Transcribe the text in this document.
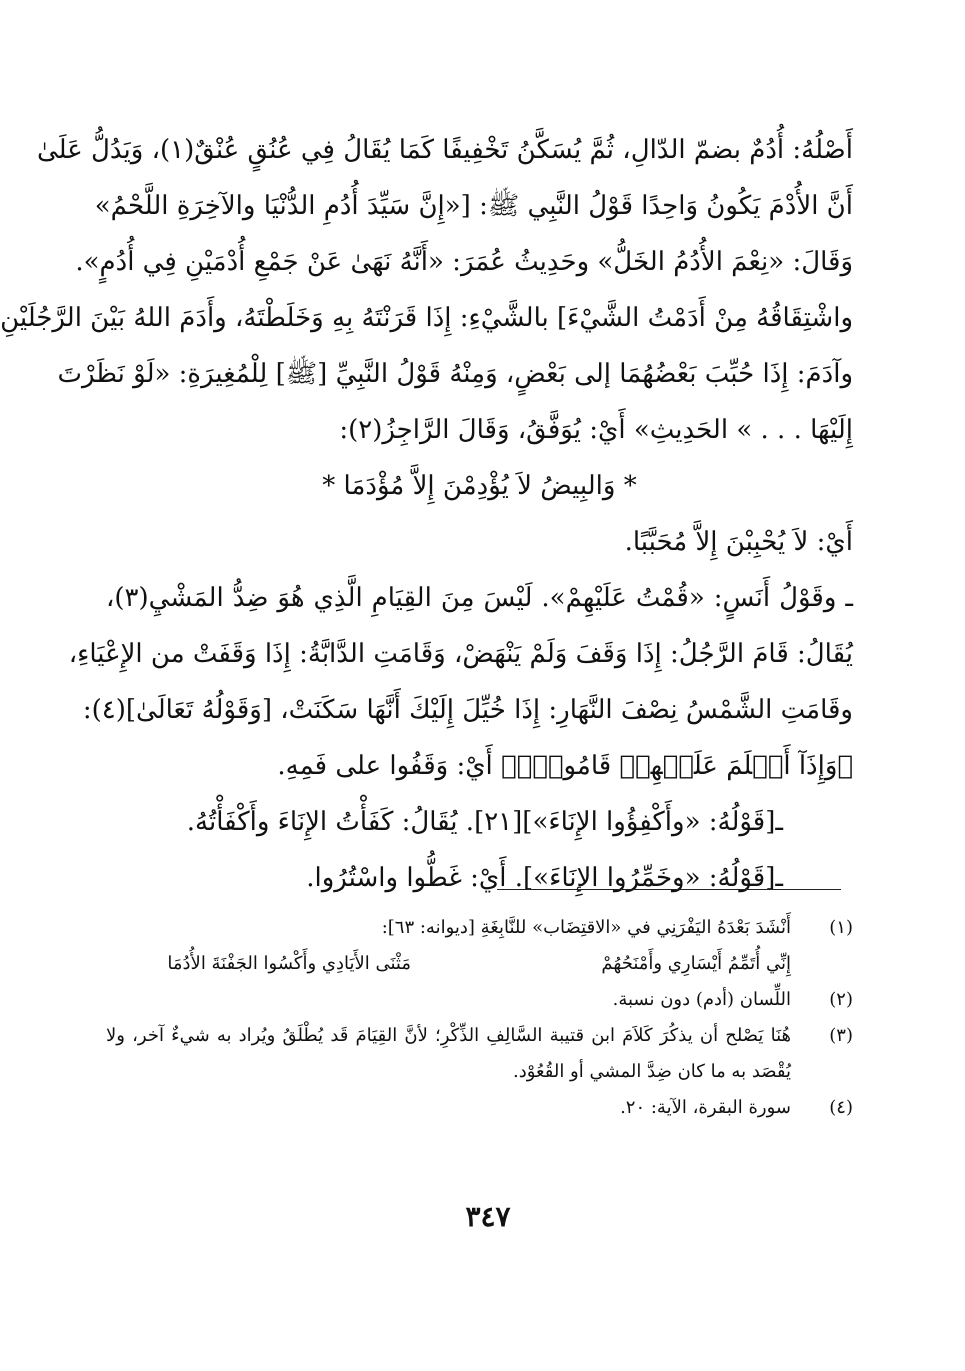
أَصْلُهُ: أُدُمٌ بضمّ الدّالِ، ثُمَّ يُسَكَّنُ تَخْفِيفًا كَمَا يُقَالُ فِي عُنُقٍ عُنْقٌ(١)، وَيَدُلُّ عَلَىٰ
أَنَّ الأُدْمَ يَكُونُ وَاحِدًا قَوْلُ النَّبِي ﷺ: [«إِنَّ سَيِّدَ أُدُمِ الدُّنْيَا والآخِرَةِ اللَّحْمُ»
وَقَالَ: «نِعْمَ الأُدُمُ الخَلُّ» وحَدِيثُ عُمَرَ: «أَنَّهُ نَهَىٰ عَنْ جَمْعِ أُدْمَيْنِ فِي أُدُمٍ».
واشْتِقَاقُهُ مِنْ أَدَمْتُ الشَّيْءَ] بالشَّيْءِ: إِذَا قَرَنْتَهُ بِهِ وَخَلَطْتَهُ، وأَدَمَ اللهُ بَيْنَ الرَّجُلَيْنِ
وآدَمَ: إِذَا حُبِّبَ بَعْضُهُمَا إلى بَعْضٍ، وَمِنْهُ قَوْلُ النَّبِيِّ [ﷺ] لِلْمُغِيرَةِ: «لَوْ نَظَرْتَ
إِلَيْهَا . . . » الحَدِيثِ» أَيْ: يُوَفَّقُ، وَقَالَ الرَّاجِزُ(٢):
* وَالبِيضُ لاَ يُؤْدِمْنَ إِلاَّ مُؤْدَمَا *
أَيْ: لاَ يُحْبِبْنَ إِلاَّ مُحَبَّبًا.
ـ وقَوْلُ أَنَسٍ: «قُمْتُ عَلَيْهِمْ». لَيْسَ مِنَ القِيَامِ الَّذِي هُوَ ضِدُّ المَشْيِ(٣)،
يُقَالُ: قَامَ الرَّجُلُ: إِذَا وَقَفَ وَلَمْ يَنْهَضْ، وَقَامَتِ الدَّابَّةُ: إِذَا وَقَفَتْ من الإِعْيَاءِ،
وقَامَتِ الشَّمْسُ نِصْفَ النَّهَارِ: إِذَا خُيِّلَ إِلَيْكَ أَنَّهَا سَكَنَتْ، [وَقَوْلُهُ تَعَالَىٰ](٤):
﴿وَإِذَآ أَظۡلَمَ عَلَيۡهِمۡ قَامُواْۚ﴾ أَيْ: وَقَفُوا على فَمِهِ.
ـ[قَوْلُهُ: «وأَكْفِؤُوا الإِنَاءَ»][٢١]. يُقَالُ: كَفَأْتُ الإِنَاءَ وأَكْفَأْتُهُ.
ـ[قَوْلُهُ: «وخَمِّرُوا الإِنَاءَ»]. أَيْ: غَطُّوا واسْتُرُوا.
(١)
أَنْشَدَ بَعْدَهُ اليَفْرَنِي في «الاقتِضَاب» للنَّابِغَةِ [ديوانه: ٦٣]:
إِنِّي أُتَمِّمُ أَيْسَارِي وأَمْنَحُهُمْ
مَثْنَى الأَيَادِي وأَكْسُوا الجَفْنَةَ الأُدُمَا
(٢)
اللِّسان (أدم) دون نسبة.
(٣)
هُنَا يَصْلح أن يذكُرَ كَلاَمَ ابن قتيبة السَّالِفِ الذِّكْرِ؛ لأنَّ القِيَامَ قَد يُطْلَقُ ويُراد به شيءٌ آخر، ولا
يُقْصَد به ما كان ضِدَّ المشي أو القُعُوْد.
(٤)
سورة البقرة، الآية: ٢٠.
٣٤٧
